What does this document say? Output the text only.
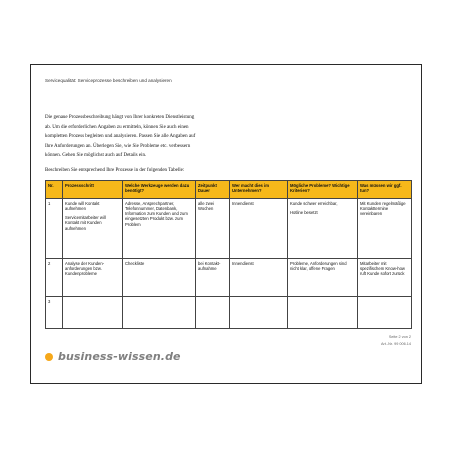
Servicequalität: Serviceprozesse beschreiben und analysieren
Die genaue Prozessbeschreibung hängt von Ihrer konkreten Dienstleistung
ab. Um die erforderlichen Angaben zu ermitteln, können Sie auch einen
kompletten Prozess begleiten und analysieren. Passen Sie alle Angaben auf
Ihre Anforderungen an. Überlegen Sie, wie Sie Probleme etc. verbessern
können. Gehen Sie möglichst auch auf Details ein.
Beschreiben Sie entsprechend Ihre Prozesse in der folgenden Tabelle:
Nr.	Prozessschritt	Welche Werkzeuge werden dazu benötigt?	Zeitpunkt Dauer	Wer macht dies im Unternehmen?	Mögliche Probleme? Wichtige Kriterien?	Was müssen wir ggf. tun?

1	Kunde will Kontakt aufnehmen
Servicemitarbeiter will Kontakt mit Kunden aufnehmen	Adresse, Ansprechpartner, Telefonnummer, Datenbank, Information zum Kunden und zum eingesetzten Produkt bzw. zum Problem	alle zwei Wochen	Innendienst	Kunde schwer erreichbar,
Hotline besetzt	Mit Kunden regelmäßige Kontakttermine vereinbaren

2	Analyse der Kunden-anforderungen bzw. Kundenprobleme	Checkliste	bei Kontakt-aufnahme	Innendienst	Probleme, Anforderungen sind nicht klar, offene Fragen	Mitarbeiter mit spezifischem Know-how ruft Kunde sofort zurück

3						

Seite 2 von 2
Art.-Nr. 99 006.14
business-wissen.de
